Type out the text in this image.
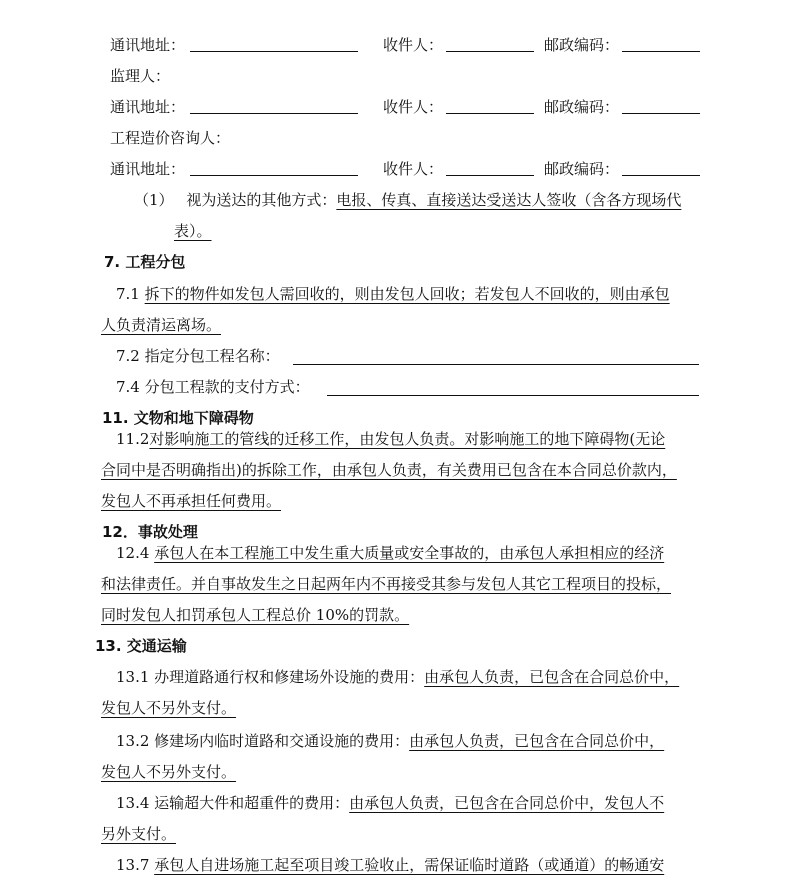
通讯地址：	收件人：	邮政编码：
监理人：
通讯地址：	收件人：	邮政编码：
工程造价咨询人：
通讯地址：	收件人：	邮政编码：
（1） 视为送达的其他方式：电报、传真、直接送达受送达人签收（含各方现场代
表）。
7. 工程分包
7.1 拆下的物件如发包人需回收的，则由发包人回收；若发包人不回收的，则由承包
人负责清运离场。
7.2 指定分包工程名称：
7.4 分包工程款的支付方式：
11. 文物和地下障碍物
11.2对影响施工的管线的迁移工作，由发包人负责。对影响施工的地下障碍物(无论
合同中是否明确指出)的拆除工作，由承包人负责，有关费用已包含在本合同总价款内，
发包人不再承担任何费用。
12．事故处理
12.4 承包人在本工程施工中发生重大质量或安全事故的，由承包人承担相应的经济
和法律责任。并自事故发生之日起两年内不再接受其参与发包人其它工程项目的投标，
同时发包人扣罚承包人工程总价 10%的罚款。
13. 交通运输
13.1 办理道路通行权和修建场外设施的费用：由承包人负责，已包含在合同总价中，
发包人不另外支付。
13.2 修建场内临时道路和交通设施的费用：由承包人负责，已包含在合同总价中，
发包人不另外支付。
13.4 运输超大件和超重件的费用：由承包人负责，已包含在合同总价中，发包人不
另外支付。
13.7 承包人自进场施工起至项目竣工验收止，需保证临时道路（或通道）的畅通安
